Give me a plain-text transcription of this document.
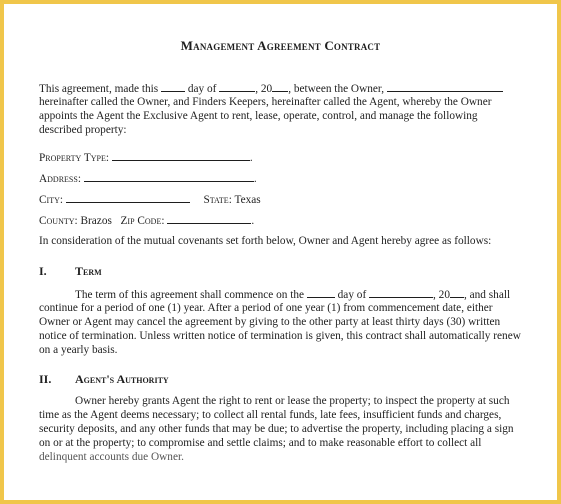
Management Agreement Contract
This agreement, made this	day of	, 20 , between the Owner,
hereinafter called the Owner, and Finders Keepers, hereinafter called the Agent, whereby the Owner
appoints the Agent the Exclusive Agent to rent, lease, operate, control, and manage the following
described property:
Property Type:	.
Address:	.
City:	State: Texas
County: Brazos Zip Code:	.
In consideration of the mutual covenants set forth below, Owner and Agent hereby agree as follows:
I. Term
The term of this agreement shall commence on the	day of	, 20 , and shall
continue for a period of one (1) year. After a period of one year (1) from commencement date, either
Owner or Agent may cancel the agreement by giving to the other party at least thirty days (30) written
notice of termination. Unless written notice of termination is given, this contract shall automatically renew
on a yearly basis.
II. Agent's Authority
Owner hereby grants Agent the right to rent or lease the property; to inspect the property at such
time as the Agent deems necessary; to collect all rental funds, late fees, insufficient funds and charges,
security deposits, and any other funds that may be due; to advertise the property, including placing a sign
on or at the property; to compromise and settle claims; and to make reasonable effort to collect all
delinquent accounts due Owner.
